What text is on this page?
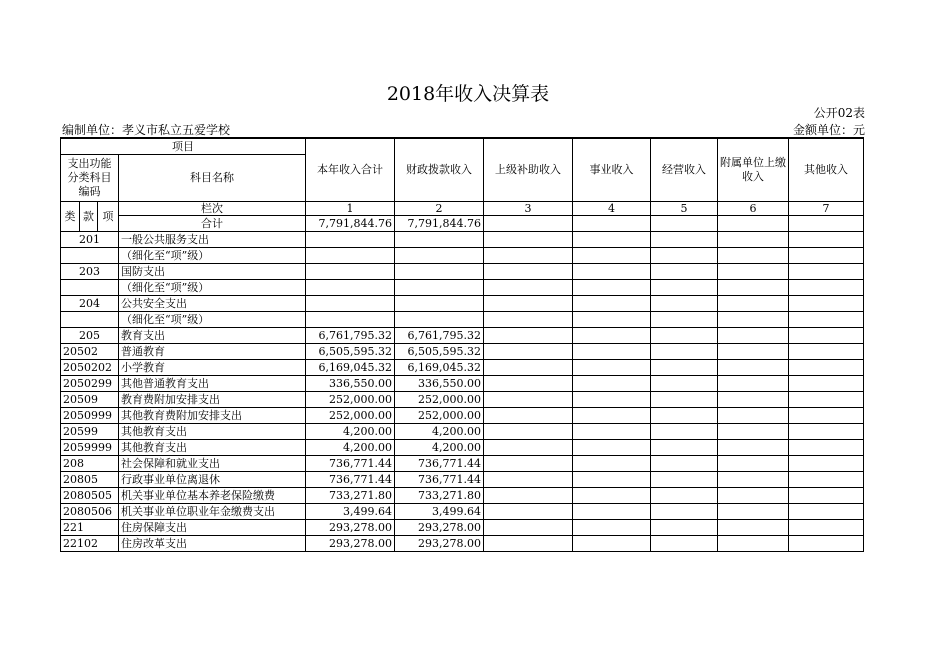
2018年收入决算表
公开02表
编制单位：孝义市私立五爱学校	金额单位：元
项目				本年收入合计	财政拨款收入	上级补助收入	事业收入	经营收入	附属单位上缴收入	其他收入
支出功能分类科目编码			科目名称							

类	款	项	栏次	1	2	3	4	5	6	7
			合计	7,791,844.76	7,791,844.76					
201			一般公共服务支出							
			（细化至“项”级）							
203			国防支出							
			（细化至“项”级）							
204			公共安全支出							
			（细化至“项”级）							
205			教育支出	6,761,795.32	6,761,795.32					
20502			普通教育	6,505,595.32	6,505,595.32					
2050202			小学教育	6,169,045.32	6,169,045.32					
2050299			其他普通教育支出	336,550.00	336,550.00					
20509			教育费附加安排支出	252,000.00	252,000.00					
2050999			其他教育费附加安排支出	252,000.00	252,000.00					
20599			其他教育支出	4,200.00	4,200.00					
2059999			其他教育支出	4,200.00	4,200.00					
208			社会保障和就业支出	736,771.44	736,771.44					
20805			行政事业单位离退休	736,771.44	736,771.44					
2080505			机关事业单位基本养老保险缴费	733,271.80	733,271.80					
2080506			机关事业单位职业年金缴费支出	3,499.64	3,499.64					
221			住房保障支出	293,278.00	293,278.00					
22102			住房改革支出	293,278.00	293,278.00					
